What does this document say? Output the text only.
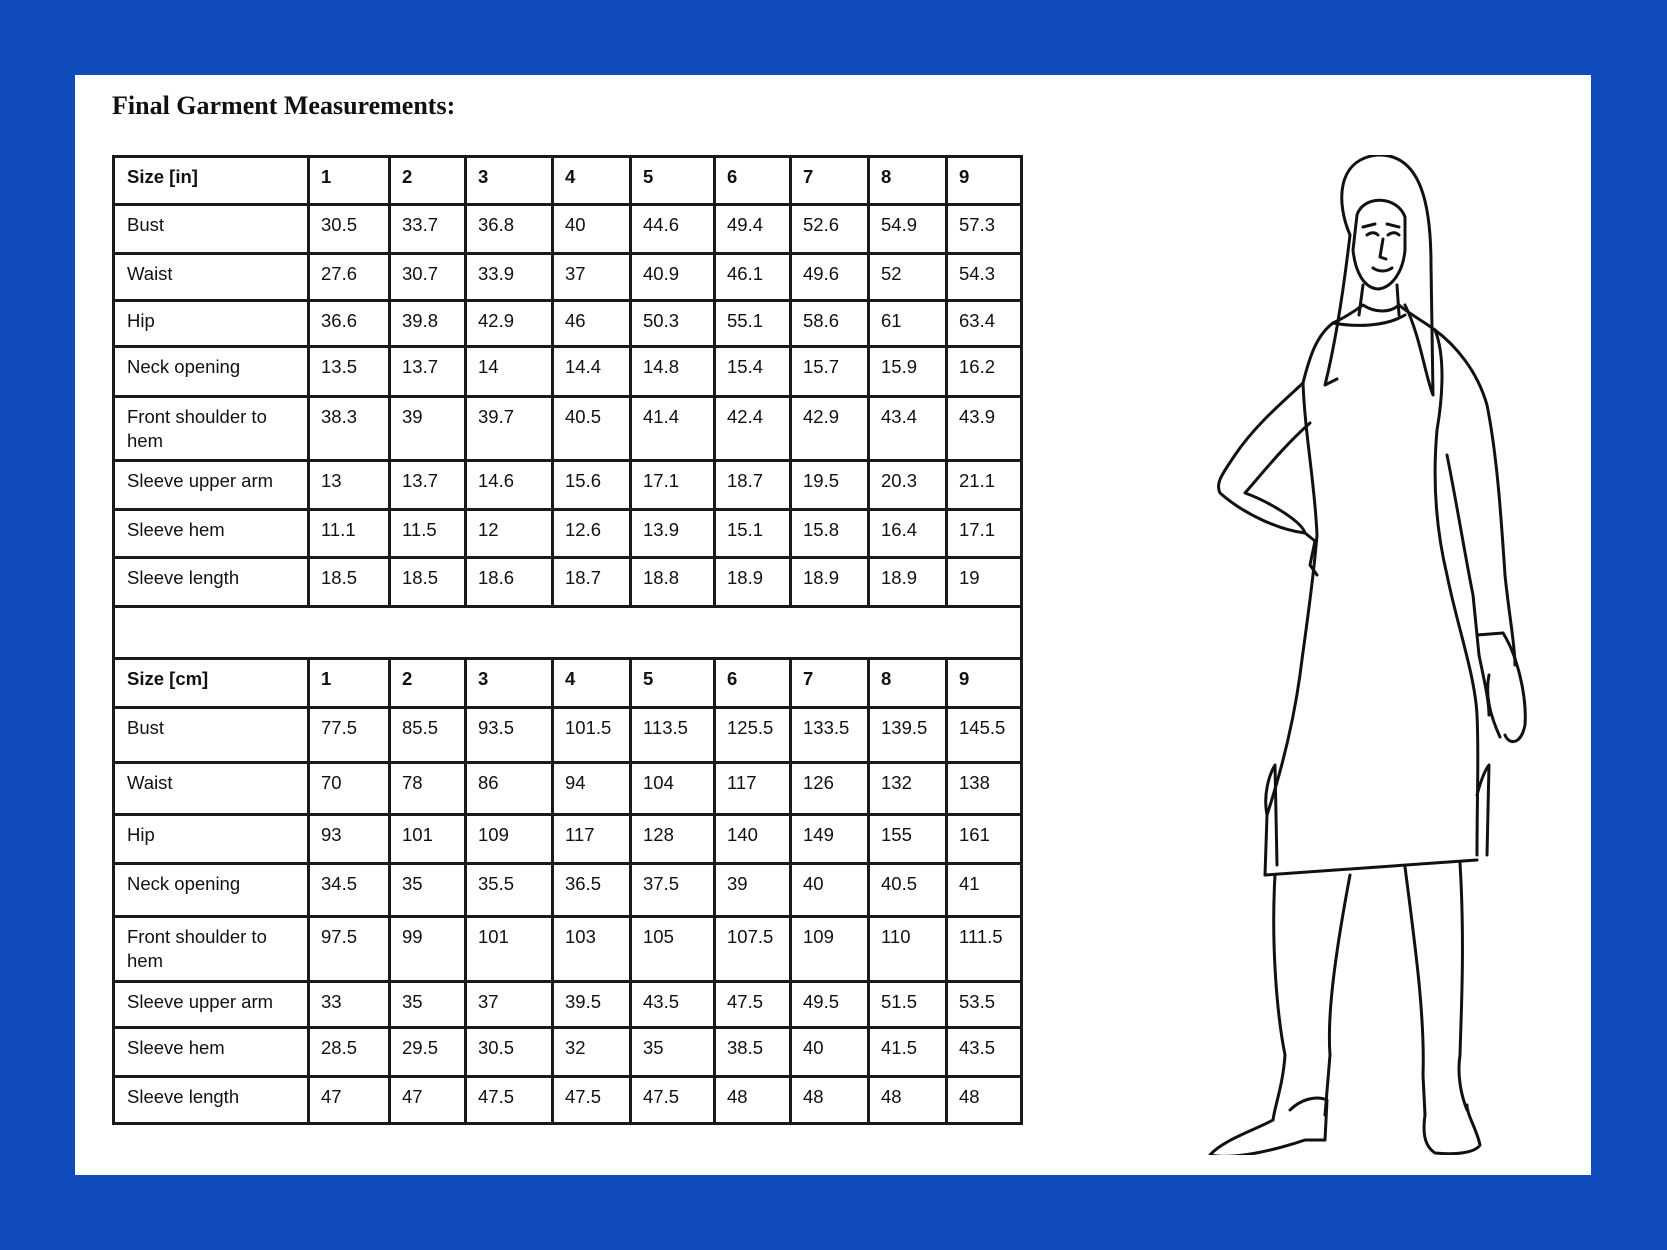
Final Garment Measurements:
Size [in]	1	2	3	4	5	6	7	8	9
Bust	30.5	33.7	36.8	40	44.6	49.4	52.6	54.9	57.3
Waist	27.6	30.7	33.9	37	40.9	46.1	49.6	52	54.3
Hip	36.6	39.8	42.9	46	50.3	55.1	58.6	61	63.4
Neck opening	13.5	13.7	14	14.4	14.8	15.4	15.7	15.9	16.2
Front shoulder to hem	38.3	39	39.7	40.5	41.4	42.4	42.9	43.4	43.9
Sleeve upper arm	13	13.7	14.6	15.6	17.1	18.7	19.5	20.3	21.1
Sleeve hem	11.1	11.5	12	12.6	13.9	15.1	15.8	16.4	17.1
Sleeve length	18.5	18.5	18.6	18.7	18.8	18.9	18.9	18.9	19

Size [cm]	1	2	3	4	5	6	7	8	9
Bust	77.5	85.5	93.5	101.5	113.5	125.5	133.5	139.5	145.5
Waist	70	78	86	94	104	117	126	132	138
Hip	93	101	109	117	128	140	149	155	161
Neck opening	34.5	35	35.5	36.5	37.5	39	40	40.5	41
Front shoulder to hem	97.5	99	101	103	105	107.5	109	110	111.5
Sleeve upper arm	33	35	37	39.5	43.5	47.5	49.5	51.5	53.5
Sleeve hem	28.5	29.5	30.5	32	35	38.5	40	41.5	43.5
Sleeve length	47	47	47.5	47.5	47.5	48	48	48	48
